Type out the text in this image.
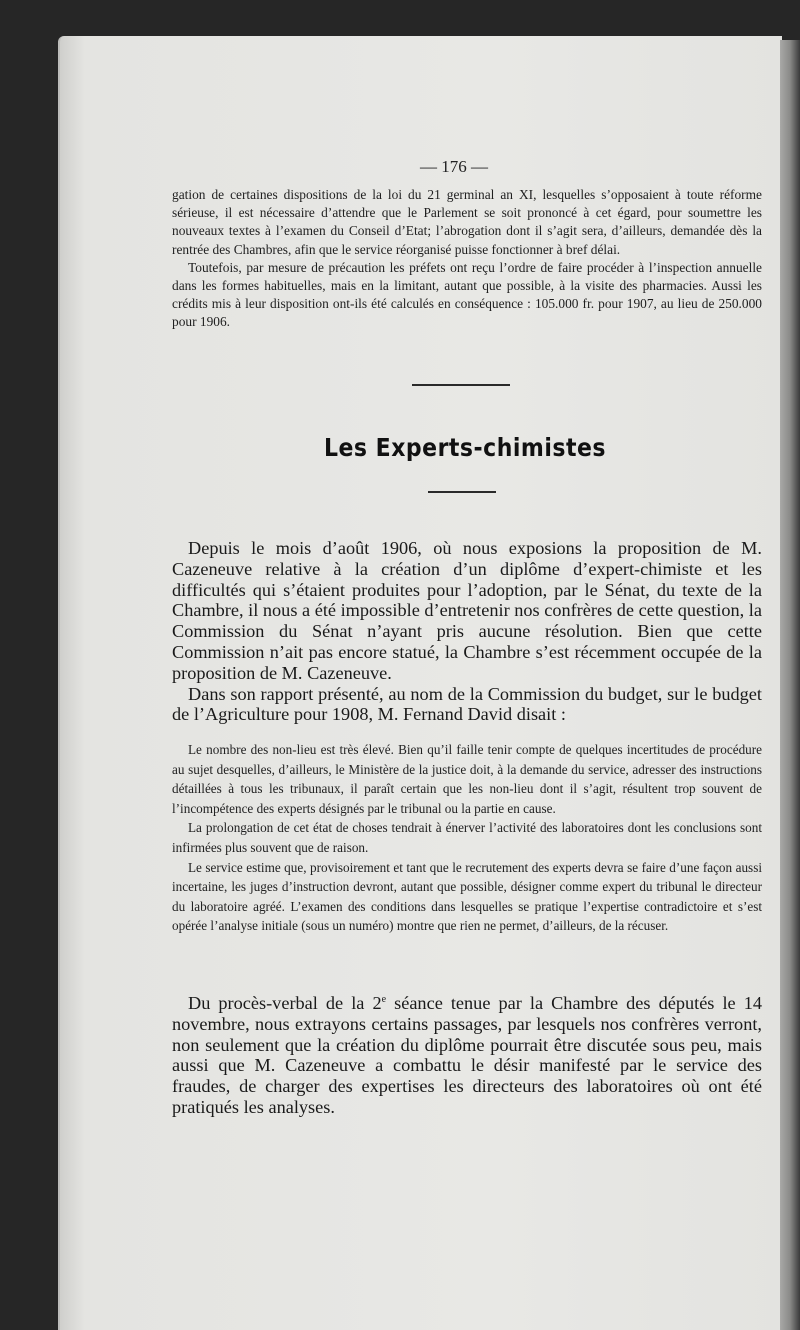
— 176 —

gation de certaines dispositions de la loi du 21 germinal an XI, lesquelles s’opposaient à toute réforme sérieuse, il est nécessaire d’attendre que le Parlement se soit prononcé à cet égard, pour soumettre les nouveaux textes à l’examen du Conseil d’Etat; l’abrogation dont il s’agit sera, d’ailleurs, demandée dès la rentrée des Chambres, afin que le service réorganisé puisse fonctionner à bref délai.

Toutefois, par mesure de précaution les préfets ont reçu l’ordre de faire procéder à l’inspection annuelle dans les formes habituelles, mais en la limitant, autant que possible, à la visite des pharmacies. Aussi les crédits mis à leur disposition ont-ils été calculés en conséquence : 105.000 fr. pour 1907, au lieu de 250.000 pour 1906.

Les Experts-chimistes

Depuis le mois d’août 1906, où nous exposions la proposition de M. Cazeneuve relative à la création d’un diplôme d’expert-chimiste et les difficultés qui s’étaient produites pour l’adoption, par le Sénat, du texte de la Chambre, il nous a été impossible d’entretenir nos confrères de cette question, la Commission du Sénat n’ayant pris aucune résolution. Bien que cette Commission n’ait pas encore statué, la Chambre s’est récemment occupée de la proposition de M. Cazeneuve.

Dans son rapport présenté, au nom de la Commission du budget, sur le budget de l’Agriculture pour 1908, M. Fernand David disait :

Le nombre des non-lieu est très élevé. Bien qu’il faille tenir compte de quelques incertitudes de procédure au sujet desquelles, d’ailleurs, le Ministère de la justice doit, à la demande du service, adresser des instructions détaillées à tous les tribunaux, il paraît certain que les non-lieu dont il s’agit, résultent trop souvent de l’incompétence des experts désignés par le tribunal ou la partie en cause.

La prolongation de cet état de choses tendrait à énerver l’activité des laboratoires dont les conclusions sont infirmées plus souvent que de raison.

Le service estime que, provisoirement et tant que le recrutement des experts devra se faire d’une façon aussi incertaine, les juges d’instruction devront, autant que possible, désigner comme expert du tribunal le directeur du laboratoire agréé. L’examen des conditions dans lesquelles se pratique l’expertise contradictoire et s’est opérée l’analyse initiale (sous un numéro) montre que rien ne permet, d’ailleurs, de la récuser.

Du procès-verbal de la 2e séance tenue par la Chambre des députés le 14 novembre, nous extrayons certains passages, par lesquels nos confrères verront, non seulement que la création du diplôme pourrait être discutée sous peu, mais aussi que M. Cazeneuve a combattu le désir manifesté par le service des fraudes, de charger des expertises les directeurs des laboratoires où ont été pratiqués les analyses.
